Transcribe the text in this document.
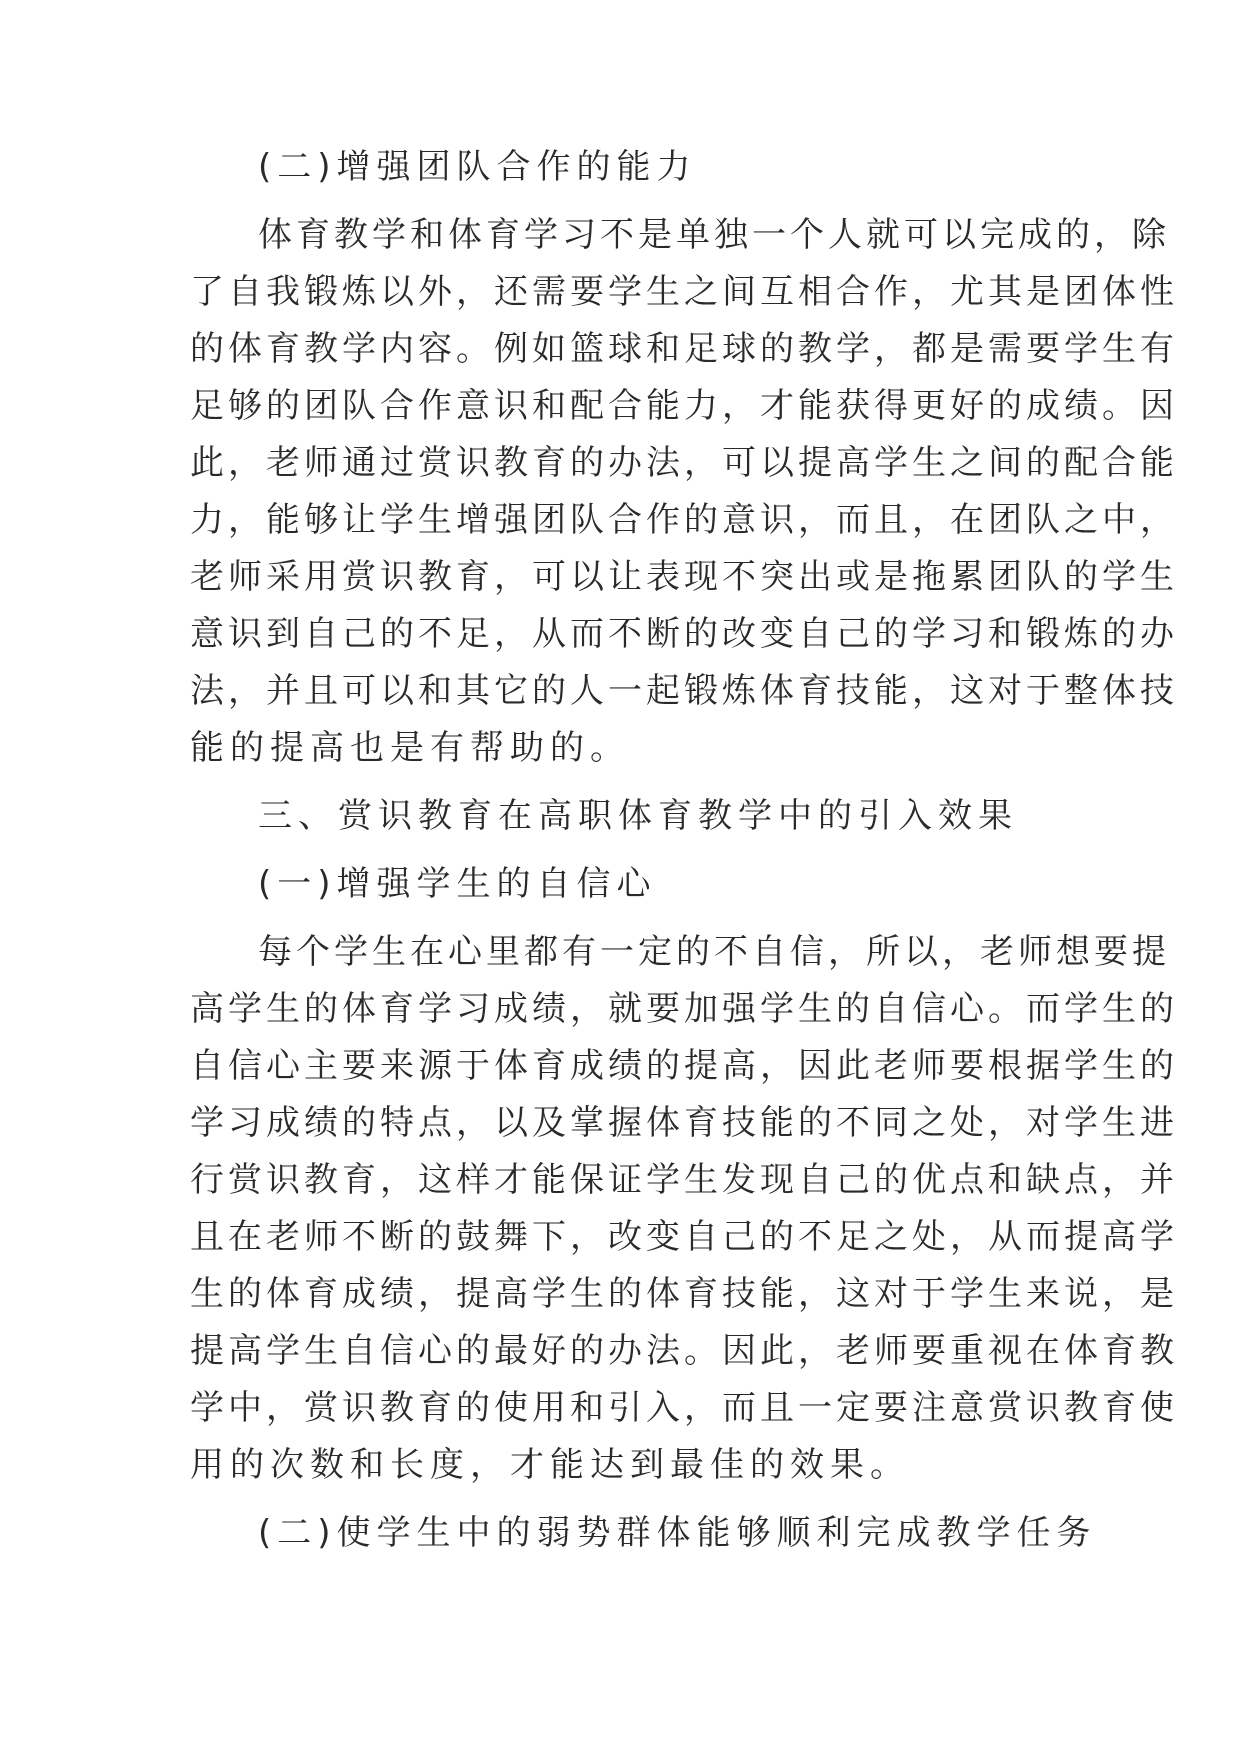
(二)增强团队合作的能力
体育教学和体育学习不是单独一个人就可以完成的，除
了自我锻炼以外，还需要学生之间互相合作，尤其是团体性
的体育教学内容。例如篮球和足球的教学，都是需要学生有
足够的团队合作意识和配合能力，才能获得更好的成绩。因
此，老师通过赏识教育的办法，可以提高学生之间的配合能
力，能够让学生增强团队合作的意识，而且，在团队之中，
老师采用赏识教育，可以让表现不突出或是拖累团队的学生
意识到自己的不足，从而不断的改变自己的学习和锻炼的办
法，并且可以和其它的人一起锻炼体育技能，这对于整体技
能的提高也是有帮助的。
三、赏识教育在高职体育教学中的引入效果
(一)增强学生的自信心
每个学生在心里都有一定的不自信，所以，老师想要提
高学生的体育学习成绩，就要加强学生的自信心。而学生的
自信心主要来源于体育成绩的提高，因此老师要根据学生的
学习成绩的特点，以及掌握体育技能的不同之处，对学生进
行赏识教育，这样才能保证学生发现自己的优点和缺点，并
且在老师不断的鼓舞下，改变自己的不足之处，从而提高学
生的体育成绩，提高学生的体育技能，这对于学生来说，是
提高学生自信心的最好的办法。因此，老师要重视在体育教
学中，赏识教育的使用和引入，而且一定要注意赏识教育使
用的次数和长度，才能达到最佳的效果。
(二)使学生中的弱势群体能够顺利完成教学任务
